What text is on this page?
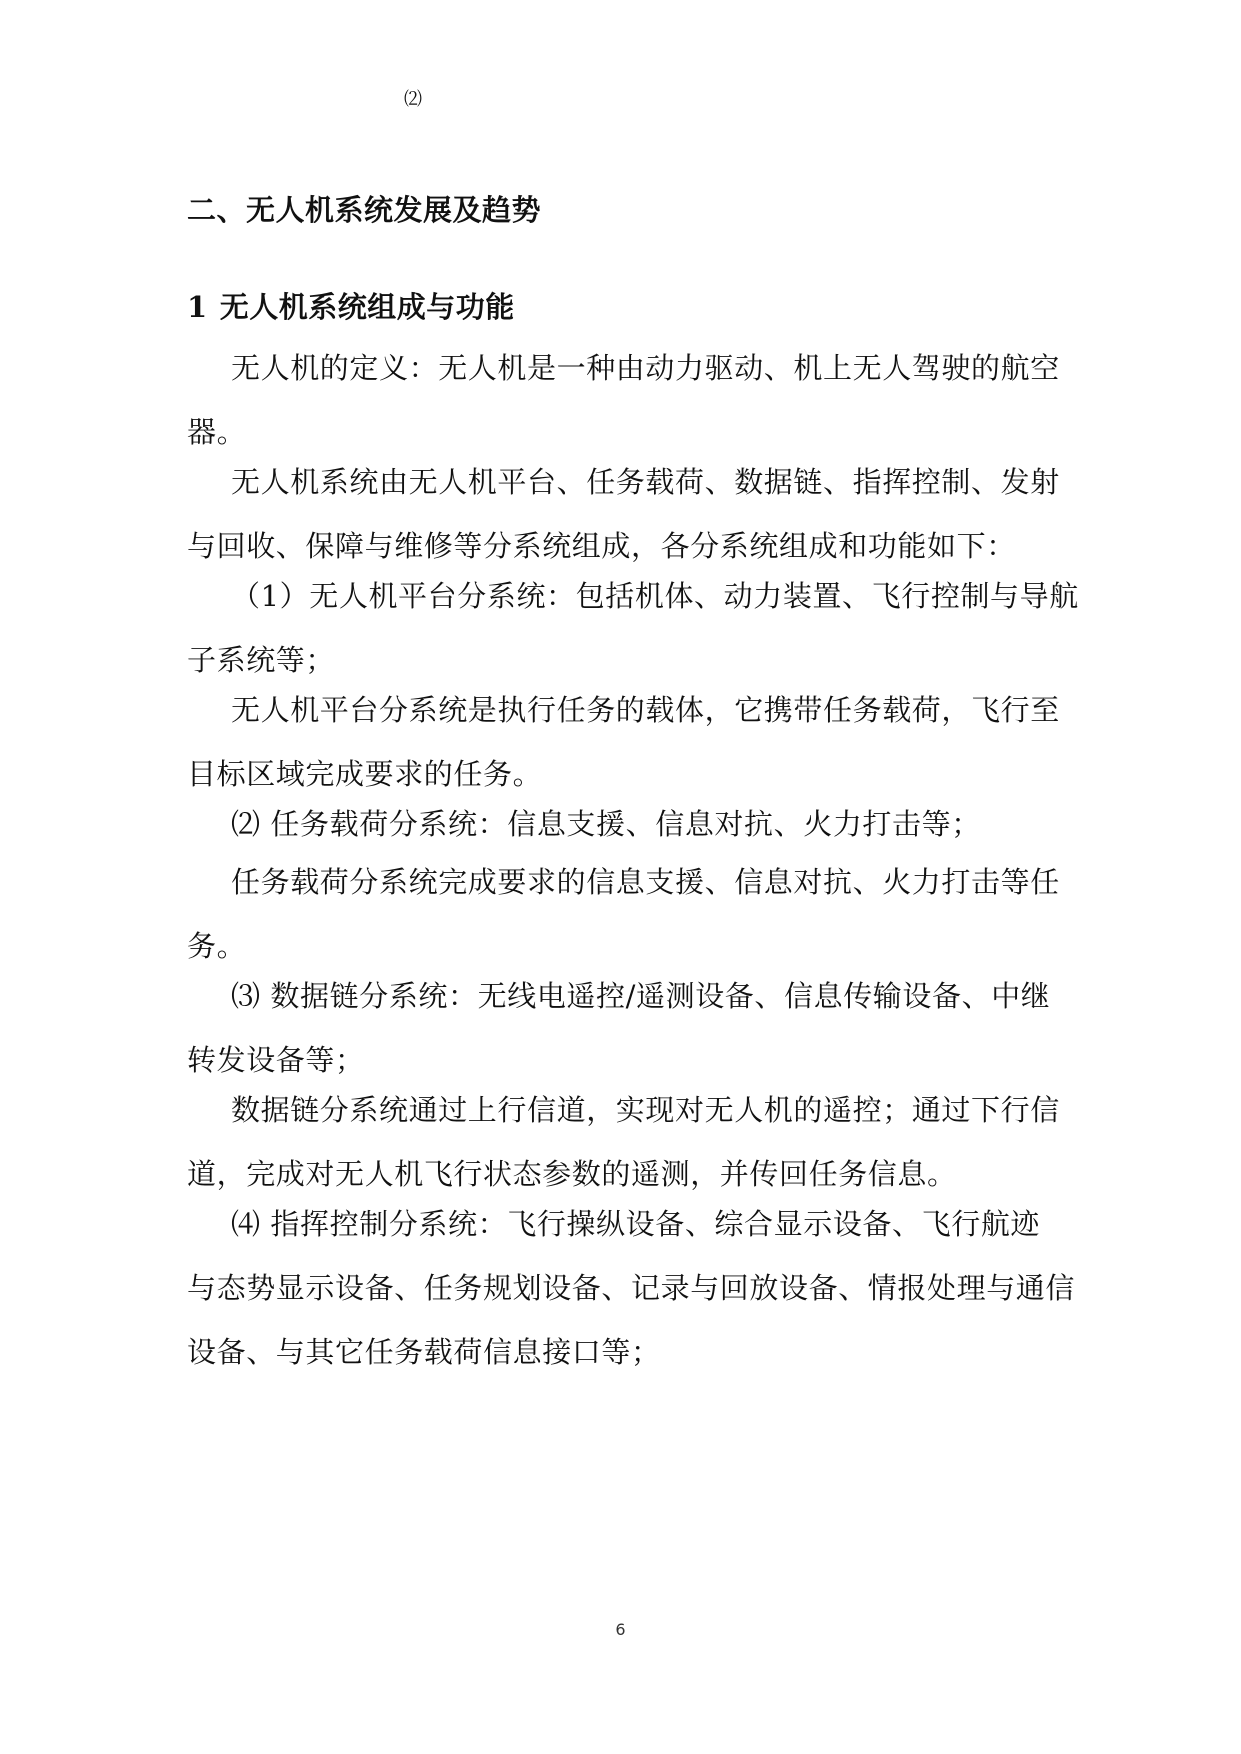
⑵
二、无人机系统发展及趋势
1 无人机系统组成与功能
无人机的定义：无人机是一种由动力驱动、机上无人驾驶的航空
器。
无人机系统由无人机平台、任务载荷、数据链、指挥控制、发射
与回收、保障与维修等分系统组成，各分系统组成和功能如下：
（1）无人机平台分系统：包括机体、动力装置、飞行控制与导航
子系统等；
无人机平台分系统是执行任务的载体，它携带任务载荷，飞行至
目标区域完成要求的任务。
⑵ 任务载荷分系统：信息支援、信息对抗、火力打击等；
任务载荷分系统完成要求的信息支援、信息对抗、火力打击等任
务。
⑶ 数据链分系统：无线电遥控/遥测设备、信息传输设备、中继
转发设备等；
数据链分系统通过上行信道，实现对无人机的遥控；通过下行信
道，完成对无人机飞行状态参数的遥测，并传回任务信息。
⑷ 指挥控制分系统：飞行操纵设备、综合显示设备、飞行航迹
与态势显示设备、任务规划设备、记录与回放设备、情报处理与通信
设备、与其它任务载荷信息接口等；
6
